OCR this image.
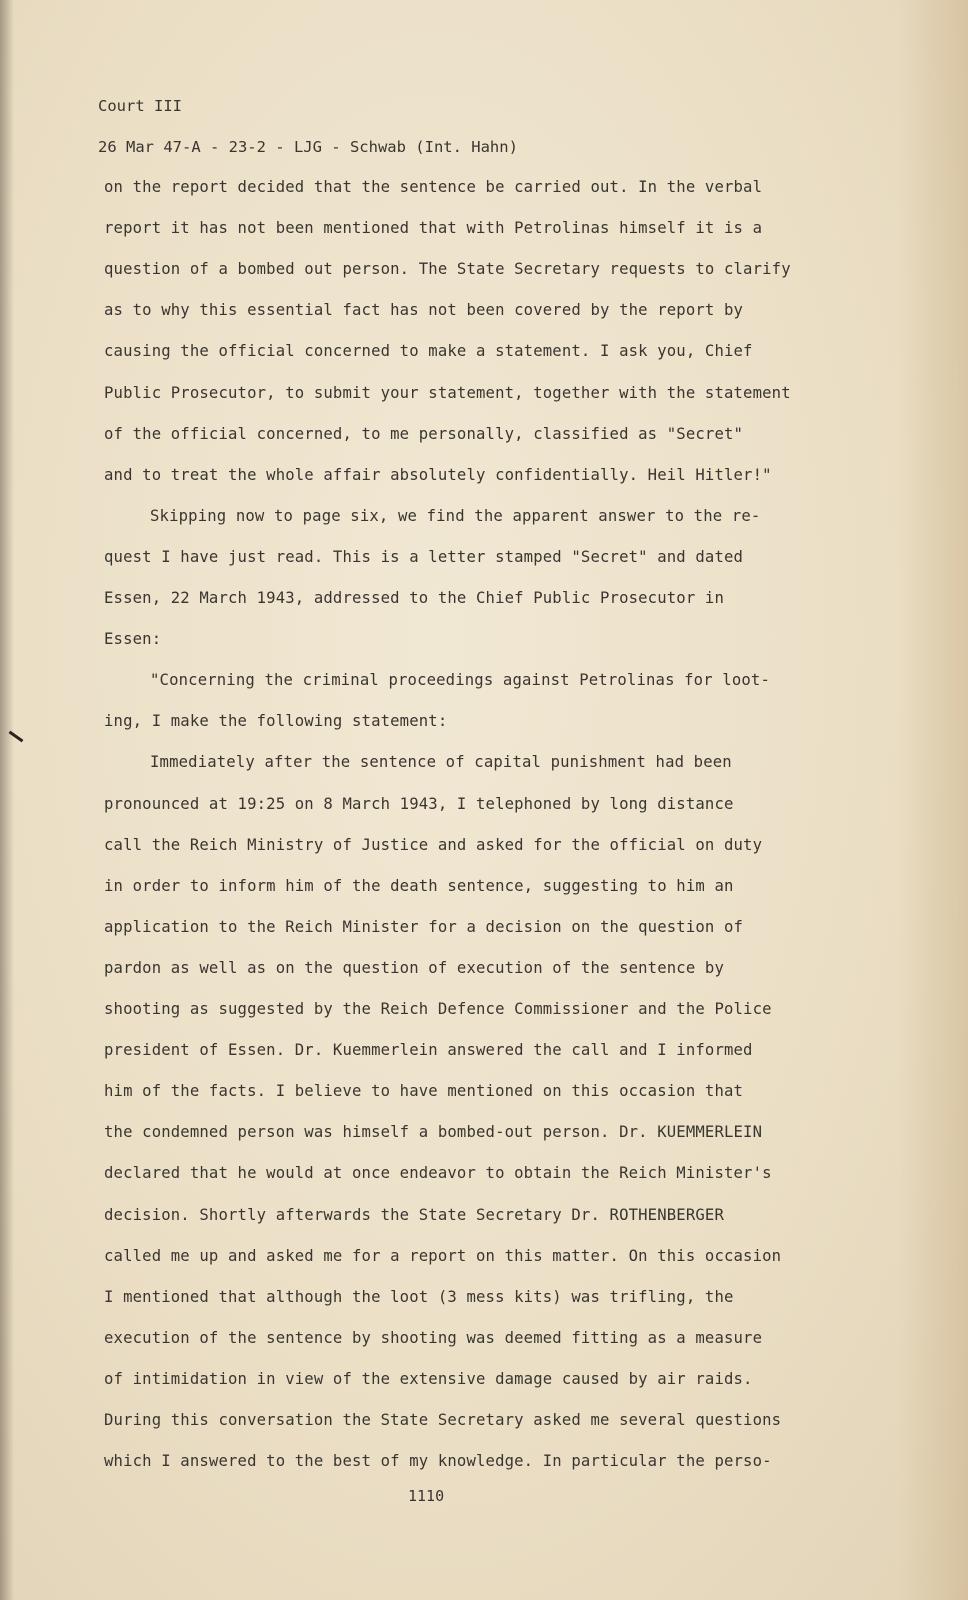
Court III
26 Mar 47-A - 23-2 - LJG - Schwab (Int. Hahn)
on the report decided that the sentence be carried out. In the verbal
report it has not been mentioned that with Petrolinas himself it is a
question of a bombed out person. The State Secretary requests to clarify
as to why this essential fact has not been covered by the report by
causing the official concerned to make a statement. I ask you, Chief
Public Prosecutor, to submit your statement, together with the statement
of the official concerned, to me personally, classified as "Secret"
and to treat the whole affair absolutely confidentially. Heil Hitler!"
Skipping now to page six, we find the apparent answer to the re-
quest I have just read. This is a letter stamped "Secret" and dated
Essen, 22 March 1943, addressed to the Chief Public Prosecutor in
Essen:
"Concerning the criminal proceedings against Petrolinas for loot-
ing, I make the following statement:
Immediately after the sentence of capital punishment had been
pronounced at 19:25 on 8 March 1943, I telephoned by long distance
call the Reich Ministry of Justice and asked for the official on duty
in order to inform him of the death sentence, suggesting to him an
application to the Reich Minister for a decision on the question of
pardon as well as on the question of execution of the sentence by
shooting as suggested by the Reich Defence Commissioner and the Police
president of Essen. Dr. Kuemmerlein answered the call and I informed
him of the facts. I believe to have mentioned on this occasion that
the condemned person was himself a bombed-out person. Dr. KUEMMERLEIN
declared that he would at once endeavor to obtain the Reich Minister's
decision. Shortly afterwards the State Secretary Dr. ROTHENBERGER
called me up and asked me for a report on this matter. On this occasion
I mentioned that although the loot (3 mess kits) was trifling, the
execution of the sentence by shooting was deemed fitting as a measure
of intimidation in view of the extensive damage caused by air raids.
During this conversation the State Secretary asked me several questions
which I answered to the best of my knowledge. In particular the perso-
1110
